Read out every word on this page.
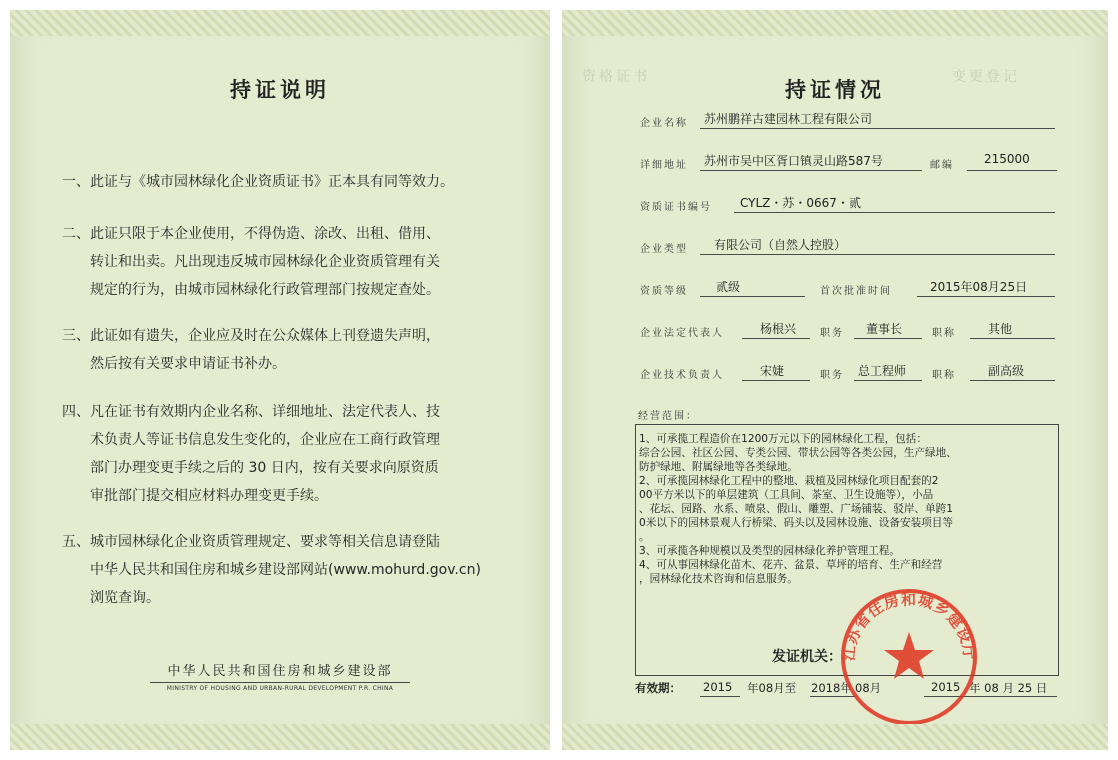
持证说明
一、此证与《城市园林绿化企业资质证书》正本具有同等效力。
二、此证只限于本企业使用，不得伪造、涂改、出租、借用、
转让和出卖。凡出现违反城市园林绿化企业资质管理有关
规定的行为，由城市园林绿化行政管理部门按规定查处。
三、此证如有遗失，企业应及时在公众媒体上刊登遗失声明，
然后按有关要求申请证书补办。
四、凡在证书有效期内企业名称、详细地址、法定代表人、技
术负责人等证书信息发生变化的，企业应在工商行政管理
部门办理变更手续之后的 30 日内，按有关要求向原资质
审批部门提交相应材料办理变更手续。
五、城市园林绿化企业资质管理规定、要求等相关信息请登陆
中华人民共和国住房和城乡建设部网站(www.mohurd.gov.cn)
浏览查询。
中华人民共和国住房和城乡建设部
MINISTRY OF HOUSING AND URBAN-RURAL DEVELOPMENT P.R. CHINA
资格证书	变更登记
持证情况
企业名称 苏州鹏祥古建园林工程有限公司
详细地址 苏州市吴中区胥口镇灵山路587号	邮编	215000
资质证书编号 CYLZ・苏・0667・贰
企业类型 有限公司（自然人控股）
资质等级 贰级	首次批准时间	2015年08月25日
企业法定代表人	杨根兴 职务 董事长	职称	其他
企业技术负责人	宋婕	职务 总工程师	职称	副高级
经营范围：
1、可承揽工程造价在1200万元以下的园林绿化工程，包括：
综合公园、社区公园、专类公园、带状公园等各类公园，生产绿地、
防护绿地、附属绿地等各类绿地。
2、可承揽园林绿化工程中的整地、栽植及园林绿化项目配套的2
00平方米以下的单层建筑（工具间、茶室、卫生设施等），小品
、花坛、园路、水系、喷泉、假山、雕塑、广场铺装、驳岸、单跨1
0米以下的园林景观人行桥梁、码头以及园林设施、设备安装项目等
。
3、可承揽各种规模以及类型的园林绿化养护管理工程。
4、可从事园林绿化苗木、花卉、盆景、草坪的培育、生产和经营
，园林绿化技术咨询和信息服务。
发证机关：
有效期： 2015 年08月至 2018年 08月	2015 年 08 月 25 日
江苏省住房和城乡建设厅
